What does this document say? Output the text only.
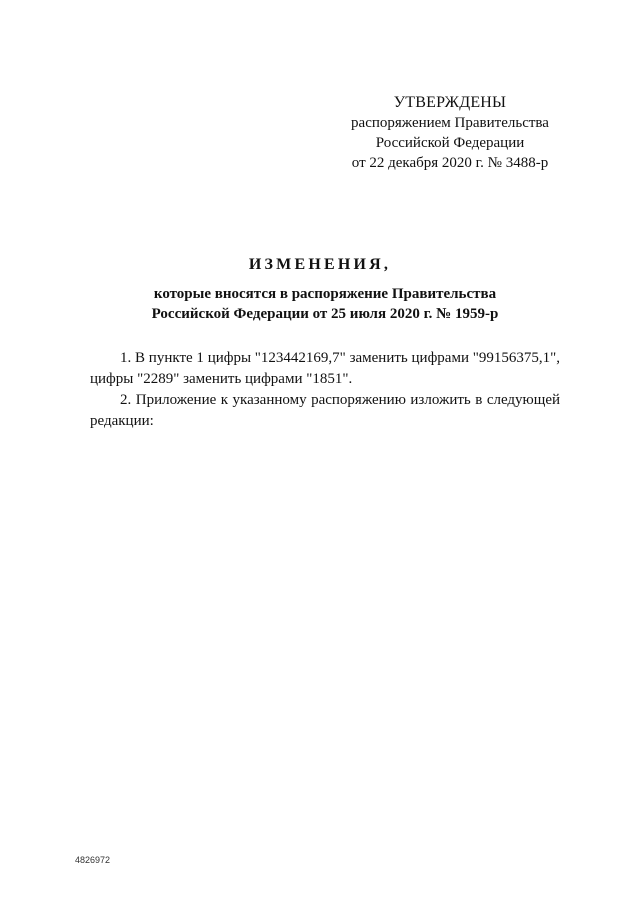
УТВЕРЖДЕНЫ
распоряжением Правительства
Российской Федерации
от 22 декабря 2020 г. № 3488-р
ИЗМЕНЕНИЯ,
которые вносятся в распоряжение Правительства
Российской Федерации от 25 июля 2020 г. № 1959-р

1. В пункте 1 цифры "123442169,7" заменить цифрами "99156375,1", цифры "2289" заменить цифрами "1851".

2. Приложение к указанному распоряжению изложить в следующей редакции:

4826972
